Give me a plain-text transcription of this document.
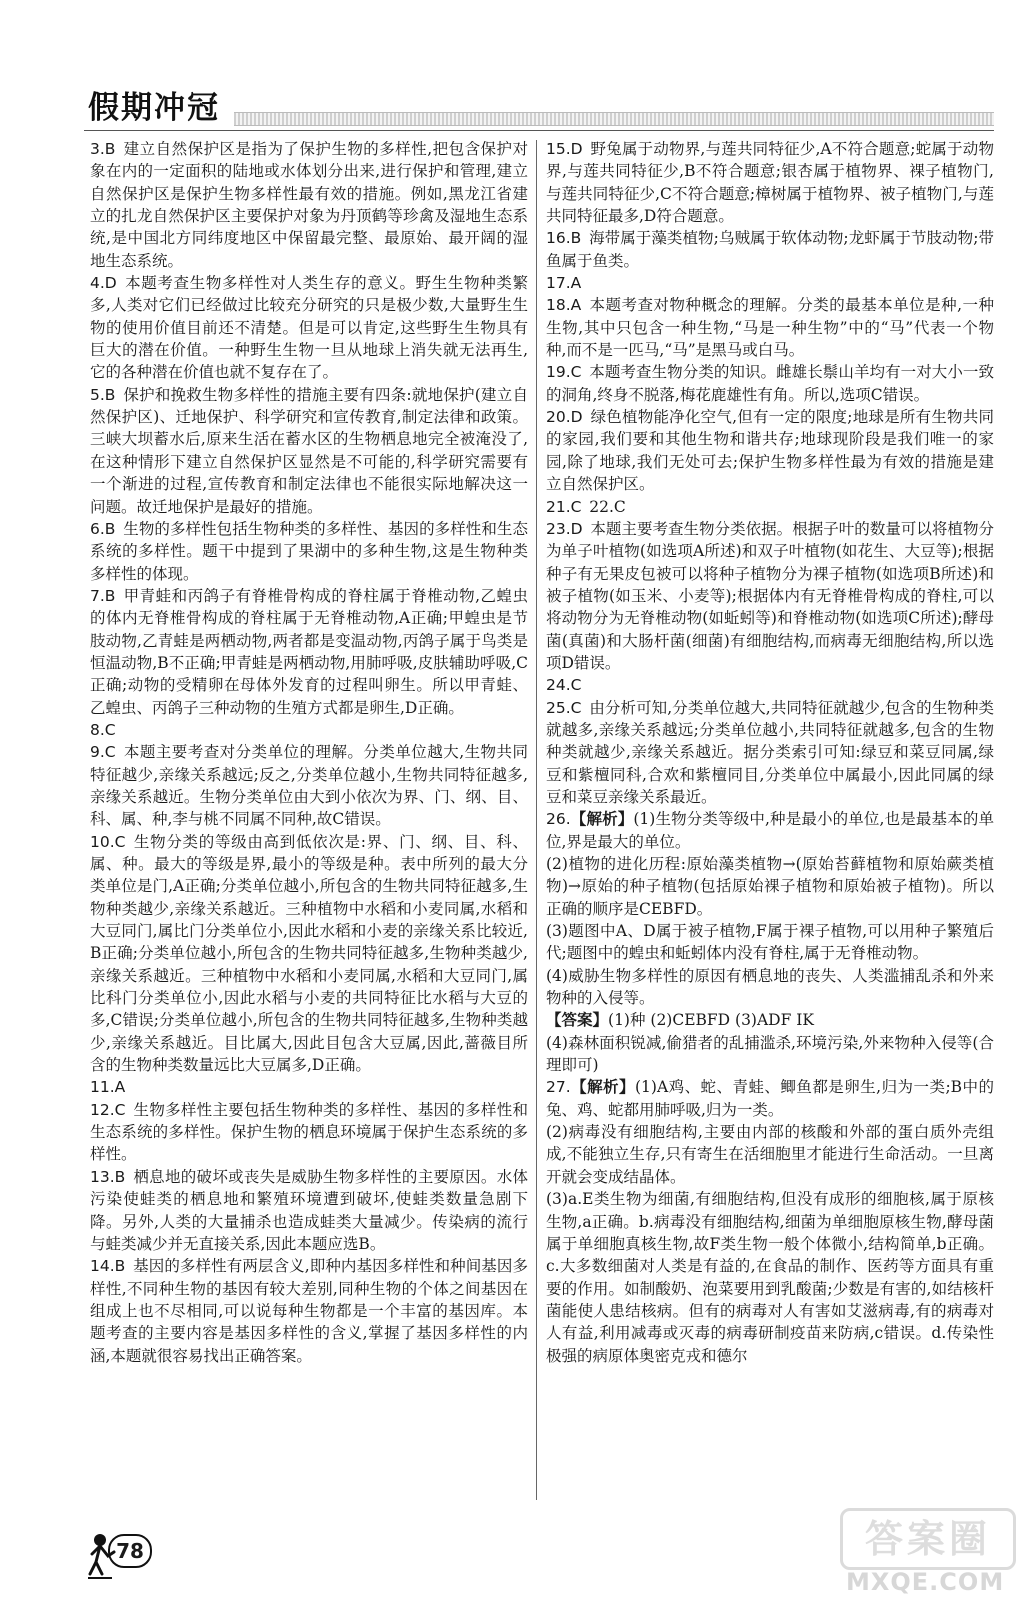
假期冲冠

3.B  建立自然保护区是指为了保护生物的多样性,把包含保护对象在内的一定面积的陆地或水体划分出来,进行保护和管理,建立自然保护区是保护生物多样性最有效的措施。例如,黑龙江省建立的扎龙自然保护区主要保护对象为丹顶鹤等珍禽及湿地生态系统,是中国北方同纬度地区中保留最完整、最原始、最开阔的湿地生态系统。

4.D  本题考查生物多样性对人类生存的意义。野生生物种类繁多,人类对它们已经做过比较充分研究的只是极少数,大量野生生物的使用价值目前还不清楚。但是可以肯定,这些野生生物具有巨大的潜在价值。一种野生生物一旦从地球上消失就无法再生,它的各种潜在价值也就不复存在了。

5.B  保护和挽救生物多样性的措施主要有四条:就地保护(建立自然保护区)、迁地保护、科学研究和宣传教育,制定法律和政策。三峡大坝蓄水后,原来生活在蓄水区的生物栖息地完全被淹没了,在这种情形下建立自然保护区显然是不可能的,科学研究需要有一个渐进的过程,宣传教育和制定法律也不能很实际地解决这一问题。故迁地保护是最好的措施。

6.B  生物的多样性包括生物种类的多样性、基因的多样性和生态系统的多样性。题干中提到了果湖中的多种生物,这是生物种类多样性的体现。

7.B  甲青蛙和丙鸽子有脊椎骨构成的脊柱属于脊椎动物,乙蝗虫的体内无脊椎骨构成的脊柱属于无脊椎动物,A正确;甲蝗虫是节肢动物,乙青蛙是两栖动物,两者都是变温动物,丙鸽子属于鸟类是恒温动物,B不正确;甲青蛙是两栖动物,用肺呼吸,皮肤辅助呼吸,C正确;动物的受精卵在母体外发育的过程叫卵生。所以甲青蛙、乙蝗虫、丙鸽子三种动物的生殖方式都是卵生,D正确。

8.C

9.C  本题主要考查对分类单位的理解。分类单位越大,生物共同特征越少,亲缘关系越远;反之,分类单位越小,生物共同特征越多,亲缘关系越近。生物分类单位由大到小依次为界、门、纲、目、科、属、种,李与桃不同属不同种,故C错误。

10.C  生物分类的等级由高到低依次是:界、门、纲、目、科、属、种。最大的等级是界,最小的等级是种。表中所列的最大分类单位是门,A正确;分类单位越小,所包含的生物共同特征越多,生物种类越少,亲缘关系越近。三种植物中水稻和小麦同属,水稻和大豆同门,属比门分类单位小,因此水稻和小麦的亲缘关系比较近,B正确;分类单位越小,所包含的生物共同特征越多,生物种类越少,亲缘关系越近。三种植物中水稻和小麦同属,水稻和大豆同门,属比科门分类单位小,因此水稻与小麦的共同特征比水稻与大豆的多,C错误;分类单位越小,所包含的生物共同特征越多,生物种类越少,亲缘关系越近。目比属大,因此目包含大豆属,因此,蔷薇目所含的生物种类数量远比大豆属多,D正确。

11.A

12.C  生物多样性主要包括生物种类的多样性、基因的多样性和生态系统的多样性。保护生物的栖息环境属于保护生态系统的多样性。

13.B  栖息地的破坏或丧失是威胁生物多样性的主要原因。水体污染使蛙类的栖息地和繁殖环境遭到破坏,使蛙类数量急剧下降。另外,人类的大量捕杀也造成蛙类大量减少。传染病的流行与蛙类减少并无直接关系,因此本题应选B。

14.B  基因的多样性有两层含义,即种内基因多样性和种间基因多样性,不同种生物的基因有较大差别,同种生物的个体之间基因在组成上也不尽相同,可以说每种生物都是一个丰富的基因库。本题考查的主要内容是基因多样性的含义,掌握了基因多样性的内涵,本题就很容易找出正确答案。

15.D  野兔属于动物界,与莲共同特征少,A不符合题意;蛇属于动物界,与莲共同特征少,B不符合题意;银杏属于植物界、裸子植物门,与莲共同特征少,C不符合题意;樟树属于植物界、被子植物门,与莲共同特征最多,D符合题意。

16.B  海带属于藻类植物;乌贼属于软体动物;龙虾属于节肢动物;带鱼属于鱼类。

17.A

18.A  本题考查对物种概念的理解。分类的最基本单位是种,一种生物,其中只包含一种生物,“马是一种生物”中的“马”代表一个物种,而不是一匹马,“马”是黑马或白马。

19.C  本题考查生物分类的知识。雌雄长鬃山羊均有一对大小一致的洞角,终身不脱落,梅花鹿雄性有角。所以,选项C错误。

20.D  绿色植物能净化空气,但有一定的限度;地球是所有生物共同的家园,我们要和其他生物和谐共存;地球现阶段是我们唯一的家园,除了地球,我们无处可去;保护生物多样性最为有效的措施是建立自然保护区。

21.C  22.C

23.D  本题主要考查生物分类依据。根据子叶的数量可以将植物分为单子叶植物(如选项A所述)和双子叶植物(如花生、大豆等);根据种子有无果皮包被可以将种子植物分为裸子植物(如选项B所述)和被子植物(如玉米、小麦等);根据体内有无脊椎骨构成的脊柱,可以将动物分为无脊椎动物(如蚯蚓等)和脊椎动物(如选项C所述);酵母菌(真菌)和大肠杆菌(细菌)有细胞结构,而病毒无细胞结构,所以选项D错误。

24.C

25.C  由分析可知,分类单位越大,共同特征就越少,包含的生物种类就越多,亲缘关系越远;分类单位越小,共同特征就越多,包含的生物种类就越少,亲缘关系越近。据分类索引可知:绿豆和菜豆同属,绿豆和紫檀同科,合欢和紫檀同目,分类单位中属最小,因此同属的绿豆和菜豆亲缘关系最近。

26.【解析】(1)生物分类等级中,种是最小的单位,也是最基本的单位,界是最大的单位。

(2)植物的进化历程:原始藻类植物→(原始苔藓植物和原始蕨类植物)→原始的种子植物(包括原始裸子植物和原始被子植物)。所以正确的顺序是CEBFD。

(3)题图中A、D属于被子植物,F属于裸子植物,可以用种子繁殖后代;题图中的蝗虫和蚯蚓体内没有脊柱,属于无脊椎动物。

(4)威胁生物多样性的原因有栖息地的丧失、人类滥捕乱杀和外来物种的入侵等。

【答案】(1)种 (2)CEBFD (3)ADF IK

(4)森林面积锐减,偷猎者的乱捕滥杀,环境污染,外来物种入侵等(合理即可)

27.【解析】(1)A鸡、蛇、青蛙、鲫鱼都是卵生,归为一类;B中的兔、鸡、蛇都用肺呼吸,归为一类。

(2)病毒没有细胞结构,主要由内部的核酸和外部的蛋白质外壳组成,不能独立生存,只有寄生在活细胞里才能进行生命活动。一旦离开就会变成结晶体。

(3)a.E类生物为细菌,有细胞结构,但没有成形的细胞核,属于原核生物,a正确。b.病毒没有细胞结构,细菌为单细胞原核生物,酵母菌属于单细胞真核生物,故F类生物一般个体微小,结构简单,b正确。c.大多数细菌对人类是有益的,在食品的制作、医药等方面具有重要的作用。如制酸奶、泡菜要用到乳酸菌;少数是有害的,如结核杆菌能使人患结核病。但有的病毒对人有害如艾滋病毒,有的病毒对人有益,利用减毒或灭毒的病毒研制疫苗来防病,c错误。d.传染性极强的病原体奥密克戎和德尔

78	答案圈
MXQE.COM
